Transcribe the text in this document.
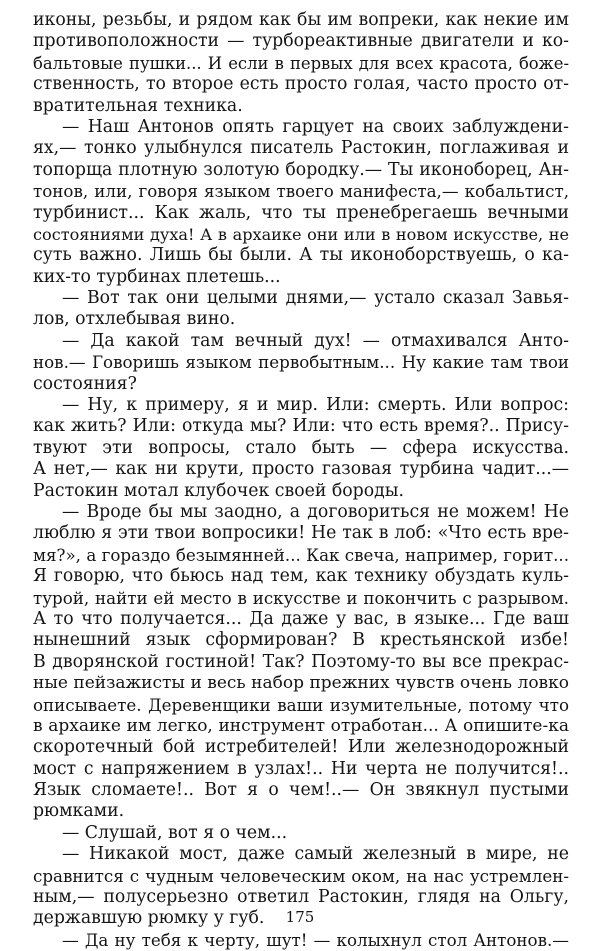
иконы, резьбы, и рядом как бы им вопреки, как некие им
противоположности — турбореактивные двигатели и ко-
бальтовые пушки... И если в первых для всех красота, боже-
ственность, то второе есть просто голая, часто просто от-
вратительная техника.
— Наш Антонов опять гарцует на своих заблуждени-
ях,— тонко улыбнулся писатель Растокин, поглаживая и
топорща плотную золотую бородку.— Ты иконоборец, Ан-
тонов, или, говоря языком твоего манифеста,— кобальтист,
турбинист... Как жаль, что ты пренебрегаешь вечными
состояниями духа! А в архаике они или в новом искусстве, не
суть важно. Лишь бы были. А ты иконоборствуешь, о ка-
ких-то турбинах плетешь...
— Вот так они целыми днями,— устало сказал Завья-
лов, отхлебывая вино.
— Да какой там вечный дух! — отмахивался Анто-
нов.— Говоришь языком первобытным... Ну какие там твои
состояния?
— Ну, к примеру, я и мир. Или: смерть. Или вопрос:
как жить? Или: откуда мы? Или: что есть время?.. Прису-
твуют эти вопросы, стало быть — сфера искусства.
А нет,— как ни крути, просто газовая турбина чадит...—
Растокин мотал клубочек своей бороды.
— Вроде бы мы заодно, а договориться не можем! Не
люблю я эти твои вопросики! Не так в лоб: «Что есть вре-
мя?», а гораздо безымянней... Как свеча, например, горит...
Я говорю, что бьюсь над тем, как технику обуздать куль-
турой, найти ей место в искусстве и покончить с разрывом.
А то что получается... Да даже у вас, в языке... Где ваш
нынешний язык сформирован? В крестьянской избе!
В дворянской гостиной! Так? Поэтому-то вы все прекрас-
ные пейзажисты и весь набор прежних чувств очень ловко
описываете. Деревенщики ваши изумительные, потому что
в архаике им легко, инструмент отработан... А опишите-ка
скоротечный бой истребителей! Или железнодорожный
мост с напряжением в узлах!.. Ни черта не получится!..
Язык сломаете!.. Вот я о чем!..— Он звякнул пустыми
рюмками.
— Слушай, вот я о чем...
— Никакой мост, даже самый железный в мире, не
сравнится с чудным человеческим оком, на нас устремлен-
ным,— полусерьезно ответил Растокин, глядя на Ольгу,
державшую рюмку у губ.
— Да ну тебя к черту, шут! — колыхнул стол Антонов.—
175
